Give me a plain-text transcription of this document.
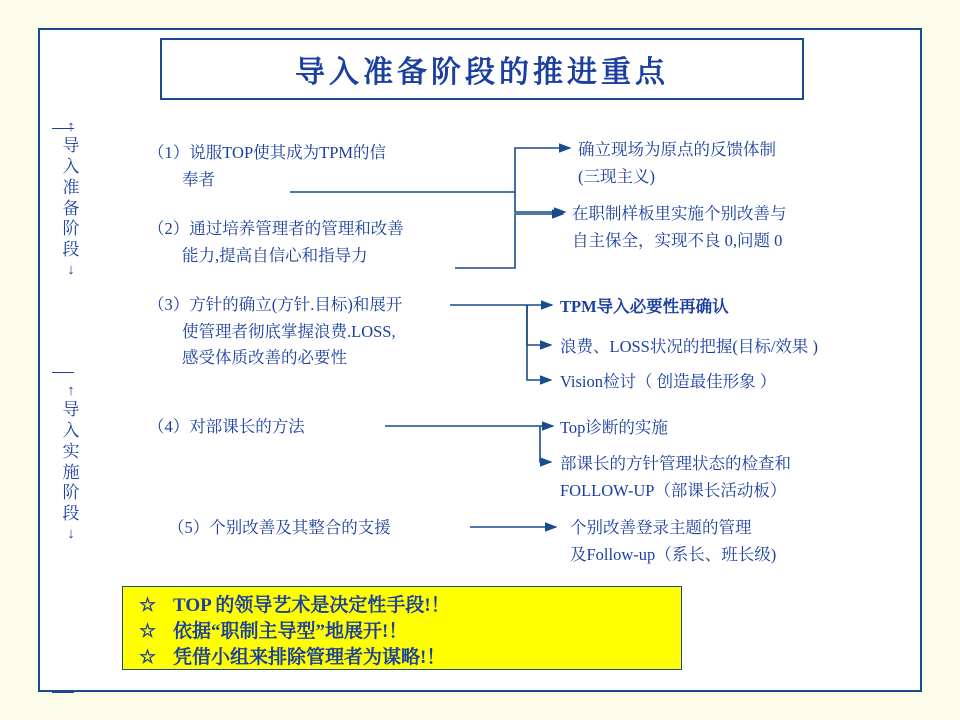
导入准备阶段的推进重点
↑
导
入
准
备
阶
段
↓
↑
导
入
实
施
阶
段
↓
（1）说服TOP使其成为TPM的信
奉者
（2）通过培养管理者的管理和改善
能力,提高自信心和指导力
（3）方针的确立(方针.目标)和展开
使管理者彻底掌握浪费.LOSS,
感受体质改善的必要性
（4）对部课长的方法
（5）个别改善及其整合的支援
确立现场为原点的反馈体制
(三现主义)
在职制样板里实施个别改善与
自主保全，实现不良 0,问题 0
TPM导入必要性再确认
浪费、LOSS状况的把握(目标/效果 )
Vision检讨（ 创造最佳形象 ）
Top诊断的实施
部课长的方针管理状态的检查和
FOLLOW-UP（部课长活动板）
个别改善登录主题的管理
及Follow-up（系长、班长级)
☆ TOP 的领导艺术是决定性手段!！
☆ 依据“职制主导型”地展开!！
☆ 凭借小组来排除管理者为谋略!！
